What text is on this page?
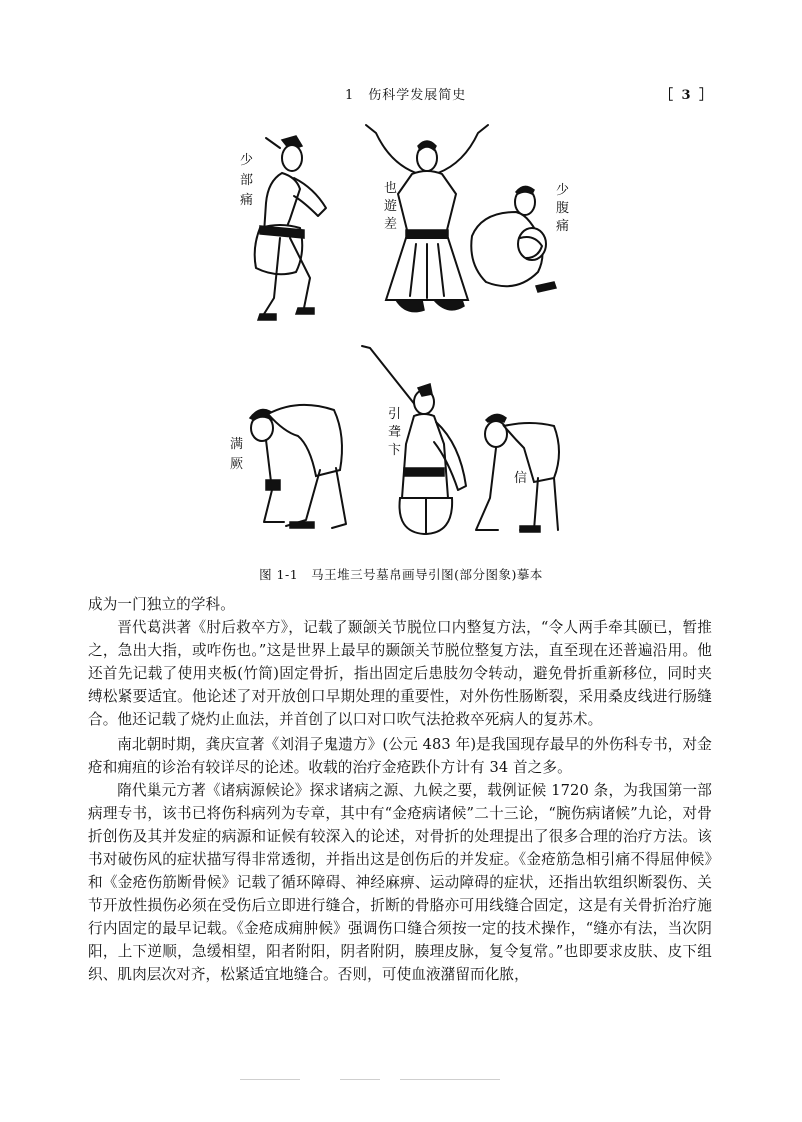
1　伤科学发展简史	［ 3 ］
少部痛
也遊差
少腹痛
满厥
引聋卞
信
图 1-1　马王堆三号墓帛画导引图(部分图象)摹本

成为一门独立的学科。

晋代葛洪著《肘后救卒方》，记载了颞颌关节脱位口内整复方法，“令人两手牵其颐已，暂推之，急出大指，或咋伤也。”这是世界上最早的颞颌关节脱位整复方法，直至现在还普遍沿用。他还首先记载了使用夹板(竹简)固定骨折，指出固定后患肢勿令转动，避免骨折重新移位，同时夹缚松紧要适宜。他论述了对开放创口早期处理的重要性，对外伤性肠断裂，采用桑皮线进行肠缝合。他还记载了烧灼止血法，并首创了以口对口吹气法抢救卒死病人的复苏术。

南北朝时期，龚庆宣著《刘涓子鬼遗方》(公元 483 年)是我国现存最早的外伤科专书，对金疮和痈疽的诊治有较详尽的论述。收载的治疗金疮跌仆方计有 34 首之多。

隋代巢元方著《诸病源候论》探求诸病之源、九候之要，载例证候 1720 条，为我国第一部病理专书，该书已将伤科病列为专章，其中有“金疮病诸候”二十三论，“腕伤病诸候”九论，对骨折创伤及其并发症的病源和证候有较深入的论述，对骨折的处理提出了很多合理的治疗方法。该书对破伤风的症状描写得非常透彻，并指出这是创伤后的并发症。《金疮筋急相引痛不得屈伸候》和《金疮伤筋断骨候》记载了循环障碍、神经麻痹、运动障碍的症状，还指出软组织断裂伤、关节开放性损伤必须在受伤后立即进行缝合，折断的骨胳亦可用线缝合固定，这是有关骨折治疗施行内固定的最早记载。《金疮成痈肿候》强调伤口缝合须按一定的技术操作，“缝亦有法，当次阴阳，上下逆顺，急缓相望，阳者附阳，阴者附阴，腠理皮脉，复令复常。”也即要求皮肤、皮下组织、肌肉层次对齐，松紧适宜地缝合。否则，可使血液潴留而化脓，
